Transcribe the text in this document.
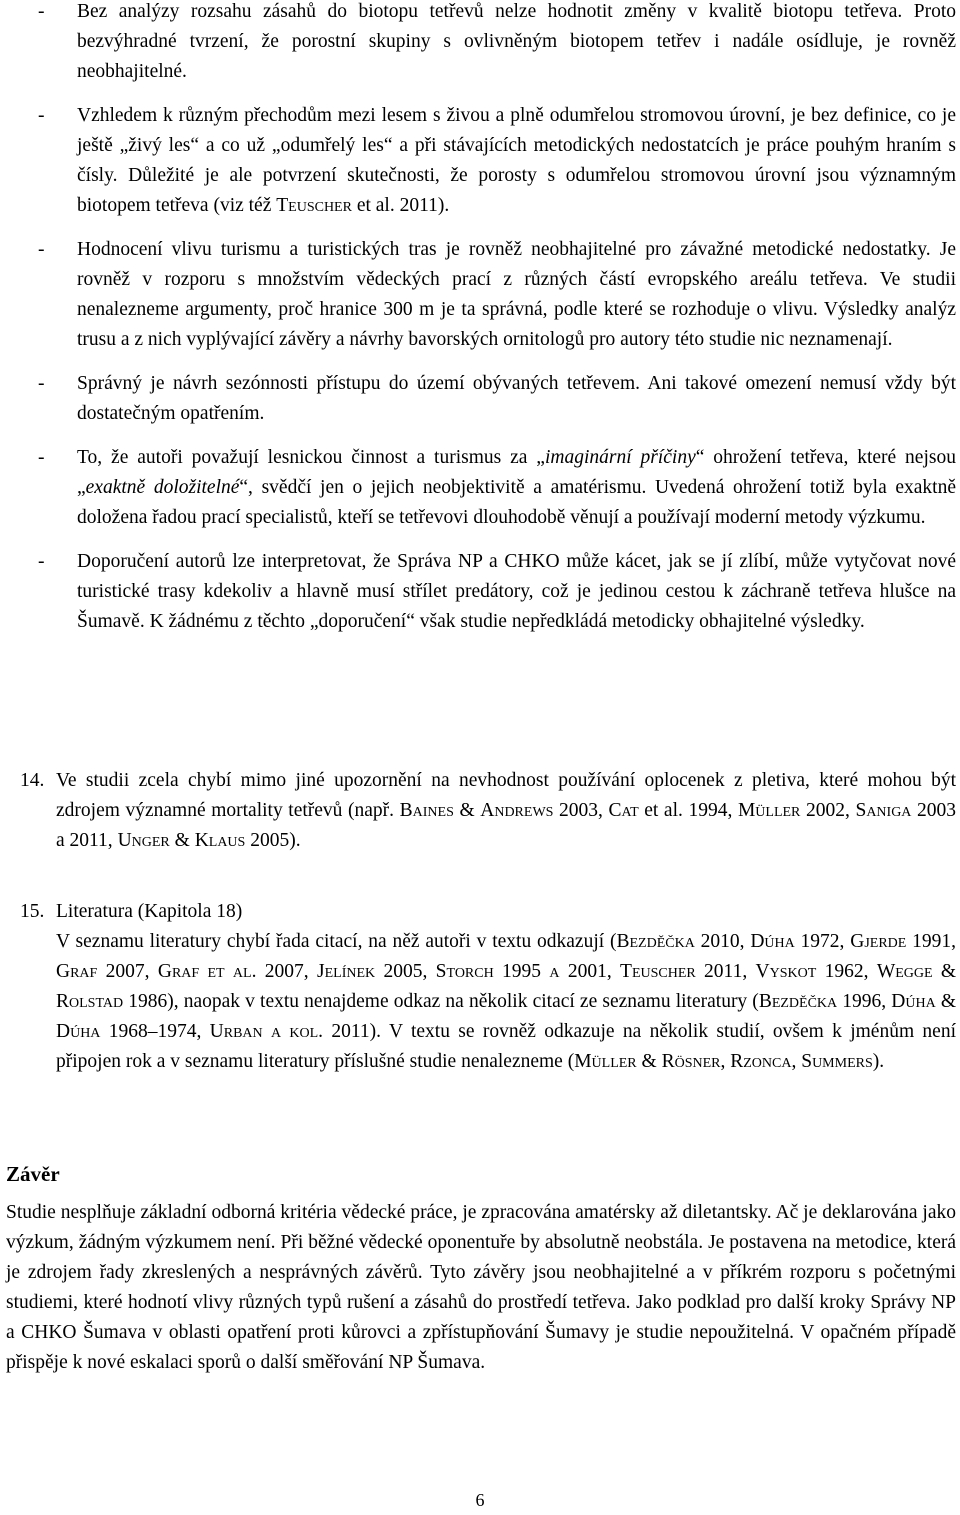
- Bez analýzy rozsahu zásahů do biotopu tetřevů nelze hodnotit změny v kvalitě biotopu tetřeva. Proto bezvýhradné tvrzení, že porostní skupiny s ovlivněným biotopem tetřev i nadále osídluje, je rovněž neobhajitelné.
- Vzhledem k různým přechodům mezi lesem s živou a plně odumřelou stromovou úrovní, je bez definice, co je ještě „živý les“ a co už „odumřelý les“ a při stávajících metodických nedostatcích je práce pouhým hraním s čísly. Důležité je ale potvrzení skutečnosti, že porosty s odumřelou stromovou úrovní jsou významným biotopem tetřeva (viz též Teuscher et al. 2011).
- Hodnocení vlivu turismu a turistických tras je rovněž neobhajitelné pro závažné metodické nedostatky. Je rovněž v rozporu s množstvím vědeckých prací z různých částí evropského areálu tetřeva. Ve studii nenalezneme argumenty, proč hranice 300 m je ta správná, podle které se rozhoduje o vlivu. Výsledky analýz trusu a z nich vyplývající závěry a návrhy bavorských ornitologů pro autory této studie nic neznamenají.
- Správný je návrh sezónnosti přístupu do území obývaných tetřevem. Ani takové omezení nemusí vždy být dostatečným opatřením.
- To, že autoři považují lesnickou činnost a turismus za „imaginární příčiny“ ohrožení tetřeva, které nejsou „exaktně doložitelné“, svědčí jen o jejich neobjektivitě a amatérismu. Uvedená ohrožení totiž byla exaktně doložena řadou prací specialistů, kteří se tetřevovi dlouhodobě věnují a používají moderní metody výzkumu.
- Doporučení autorů lze interpretovat, že Správa NP a CHKO může kácet, jak se jí zlíbí, může vytyčovat nové turistické trasy kdekoliv a hlavně musí střílet predátory, což je jedinou cestou k záchraně tetřeva hlušce na Šumavě. K žádnému z těchto „doporučení“ však studie nepředkládá metodicky obhajitelné výsledky.
14. Ve studii zcela chybí mimo jiné upozornění na nevhodnost používání oplocenek z pletiva, které mohou být zdrojem významné mortality tetřevů (např. Baines & Andrews 2003, Cat et al. 1994, Müller 2002, Saniga 2003 a 2011, Unger & Klaus 2005).
15. Literatura (Kapitola 18)
V seznamu literatury chybí řada citací, na něž autoři v textu odkazují (Bezděčka 2010, Dúha 1972, Gjerde 1991, Graf 2007, Graf et al. 2007, Jelínek 2005, Storch 1995 a 2001, Teuscher 2011, Vyskot 1962, Wegge & Rolstad 1986), naopak v textu nenajdeme odkaz na několik citací ze seznamu literatury (Bezděčka 1996, Dúha & Dúha 1968–1974, Urban a kol. 2011). V textu se rovněž odkazuje na několik studií, ovšem k jménům není připojen rok a v seznamu literatury příslušné studie nenalezneme (Müller & Rösner, Rzonca, Summers).
Závěr
Studie nesplňuje základní odborná kritéria vědecké práce, je zpracována amatérsky až diletantsky. Ač je deklarována jako výzkum, žádným výzkumem není. Při běžné vědecké oponentuře by absolutně neobstála. Je postavena na metodice, která je zdrojem řady zkreslených a nesprávných závěrů. Tyto závěry jsou neobhajitelné a v příkrém rozporu s početnými studiemi, které hodnotí vlivy různých typů rušení a zásahů do prostředí tetřeva. Jako podklad pro další kroky Správy NP a CHKO Šumava v oblasti opatření proti kůrovci a zpřístupňování Šumavy je studie nepoužitelná. V opačném případě přispěje k nové eskalaci sporů o další směřování NP Šumava.
6
